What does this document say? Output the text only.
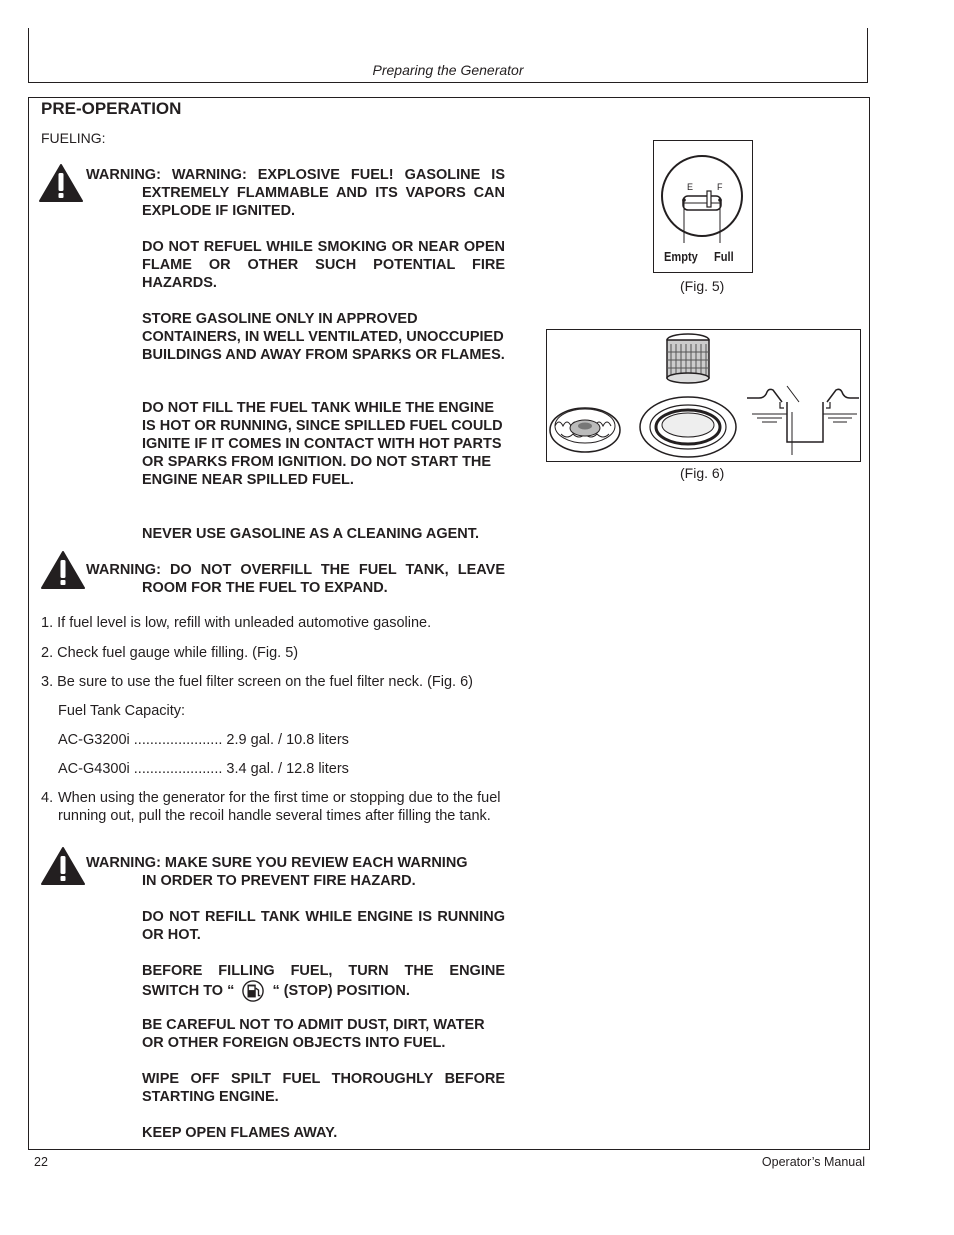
Preparing the Generator
PRE-OPERATION
FUELING:
WARNING: WARNING: EXPLOSIVE FUEL! GASOLINE IS
EXTREMELY FLAMMABLE AND ITS VAPORS CAN EXPLODE IF IGNITED.
DO NOT REFUEL WHILE SMOKING OR NEAR OPEN FLAME OR OTHER SUCH POTENTIAL FIRE HAZARDS.
STORE GASOLINE ONLY IN APPROVED CONTAINERS, IN WELL VENTILATED, UNOCCUPIED BUILDINGS AND AWAY FROM SPARKS OR FLAMES.
DO NOT FILL THE FUEL TANK WHILE THE ENGINE IS HOT OR RUNNING, SINCE SPILLED FUEL COULD IGNITE IF IT COMES IN CONTACT WITH HOT PARTS OR SPARKS FROM IGNITION. DO NOT START THE ENGINE NEAR SPILLED FUEL.
NEVER USE GASOLINE AS A CLEANING AGENT.
WARNING: DO NOT OVERFILL THE FUEL TANK, LEAVE
ROOM FOR THE FUEL TO EXPAND.
1. If fuel level is low, refill with unleaded automotive gasoline.
2. Check fuel gauge while filling. (Fig. 5)
3. Be sure to use the fuel filter screen on the fuel filter neck. (Fig. 6)
Fuel Tank Capacity:
AC-G3200i ...................... 2.9 gal. / 10.8 liters
AC-G4300i ...................... 3.4 gal. / 12.8 liters
4. When using the generator for the first time or stopping due to the fuel running out, pull the recoil handle several times after filling the tank.
WARNING: MAKE SURE YOU REVIEW EACH WARNING
IN ORDER TO PREVENT FIRE HAZARD.
DO NOT REFILL TANK WHILE ENGINE IS RUNNING OR HOT.
BEFORE FILLING FUEL, TURN THE ENGINE
SWITCH TO “	“ (STOP) POSITION.
BE CAREFUL NOT TO ADMIT DUST, DIRT, WATER OR OTHER FOREIGN OBJECTS INTO FUEL.
WIPE OFF SPILT FUEL THOROUGHLY BEFORE STARTING ENGINE.
KEEP OPEN FLAMES AWAY.
E	F
Empty Full
(Fig. 5)
(Fig. 6)
22	Operator’s Manual
